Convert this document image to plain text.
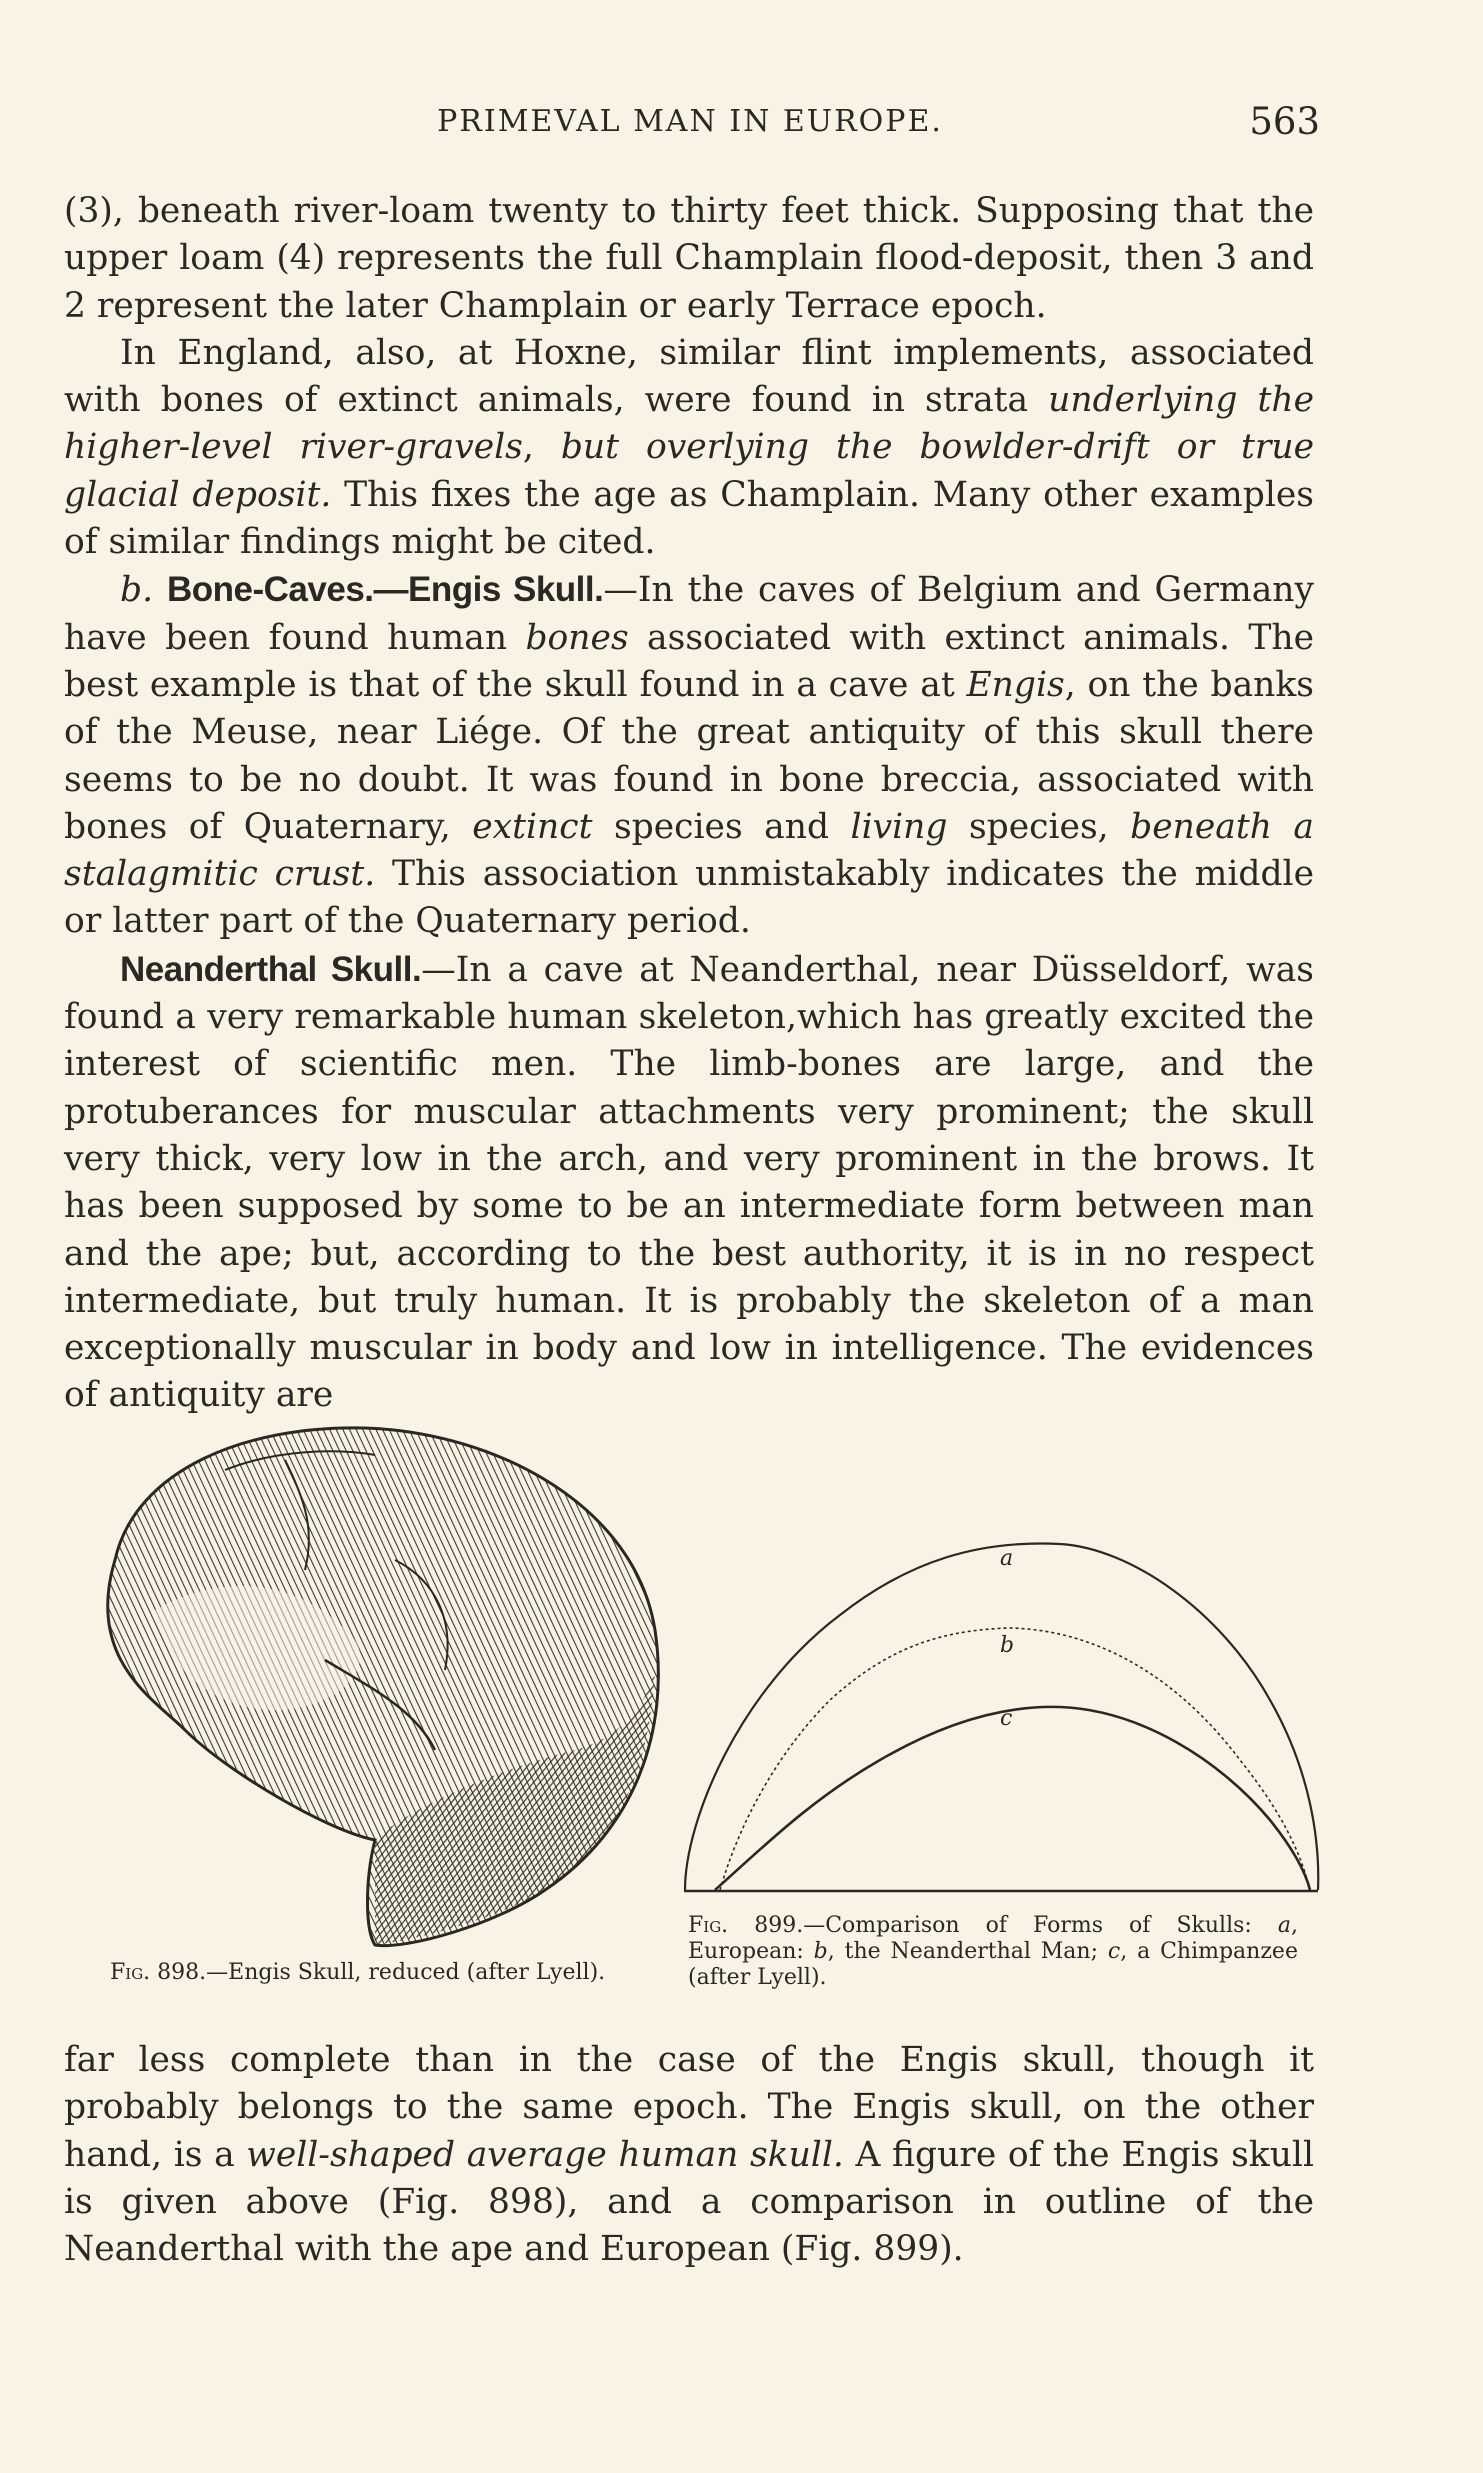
PRIMEVAL MAN IN EUROPE.	563

(3), beneath river-loam twenty to thirty feet thick. Supposing that the upper loam (4) represents the full Champlain flood-deposit, then 3 and 2 represent the later Champlain or early Terrace epoch.

In England, also, at Hoxne, similar flint implements, associated with bones of extinct animals, were found in strata underlying the higher-level river-gravels, but overlying the bowlder-drift or true glacial deposit. This fixes the age as Champlain. Many other examples of similar findings might be cited.

b. Bone-Caves.—Engis Skull.—In the caves of Belgium and Germany have been found human bones associated with extinct animals. The best example is that of the skull found in a cave at Engis, on the banks of the Meuse, near Liége. Of the great antiquity of this skull there seems to be no doubt. It was found in bone breccia, associated with bones of Quaternary, extinct species and living species, beneath a stalagmitic crust. This association unmistakably indicates the middle or latter part of the Quaternary period.

Neanderthal Skull.—In a cave at Neanderthal, near Düsseldorf, was found a very remarkable human skeleton,which has greatly excited the interest of scientific men. The limb-bones are large, and the protuberances for muscular attachments very prominent; the skull very thick, very low in the arch, and very prominent in the brows. It has been supposed by some to be an intermediate form between man and the ape; but, according to the best authority, it is in no respect intermediate, but truly human. It is probably the skeleton of a man exceptionally muscular in body and low in intelligence. The evidences of antiquity are

Fig. 898.—Engis Skull, reduced (after Lyell).
a
b
c
Fig. 899.—Comparison of Forms of Skulls: a, European: b, the Neanderthal Man; c, a Chimpanzee (after Lyell).

far less complete than in the case of the Engis skull, though it probably belongs to the same epoch. The Engis skull, on the other hand, is a well-shaped average human skull. A figure of the Engis skull is given above (Fig. 898), and a comparison in outline of the Neanderthal with the ape and European (Fig. 899).
